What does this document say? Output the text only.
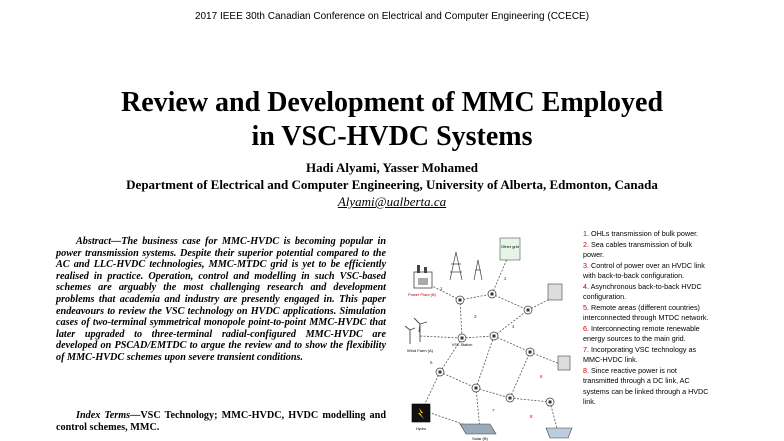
2017 IEEE 30th Canadian Conference on Electrical and Computer Engineering (CCECE)
Review and Development of MMC Employed
in VSC-HVDC Systems
Hadi Alyami, Yasser Mohamed
Department of Electrical and Computer Engineering, University of Alberta, Edmonton, Canada
Alyami@ualberta.ca

Abstract—The business case for MMC-HVDC is becoming popular in power transmission systems. Despite their superior potential compared to the AC and LLC-HVDC technologies, MMC-MTDC grid is yet to be efficiently realised in practice. Operation, control and modelling in such VSC-based schemes are arguably the most challenging research and development problems that academia and industry are presently engaged in. This paper endeavours to review the VSC technology on HVDC applications. Simulation cases of two-terminal symmetrical monopole point-to-point MMC-HVDC that later upgraded to three-terminal radial-configured MMC-HVDC are developed on PSCAD/EMTDC to argue the review and to show the flexibility of MMC-HVDC schemes upon severe transient conditions.

Index Terms—VSC Technology; MMC-HVDC, HVDC modelling and control schemes, MMC.

Other grid
Power Plant (B)
Wind Farm (A)
VSC Station
Solar (B)
Hydro
1
2
3
4
5
6
7
8
1. OHLs transmission of bulk power.
2. Sea cables transmission of bulk power.
3. Control of power over an HVDC link with back-to-back configuration.
4. Asynchronous back-to-back HVDC configuration.
5. Remote areas (different countries) interconnected through MTDC network.
6. Interconnecting remote renewable energy sources to the main grid.
7. Incorporating VSC technology as MMC-HVDC link.
8. Since reactive power is not transmitted through a DC link, AC systems can be linked through a HVDC link.
